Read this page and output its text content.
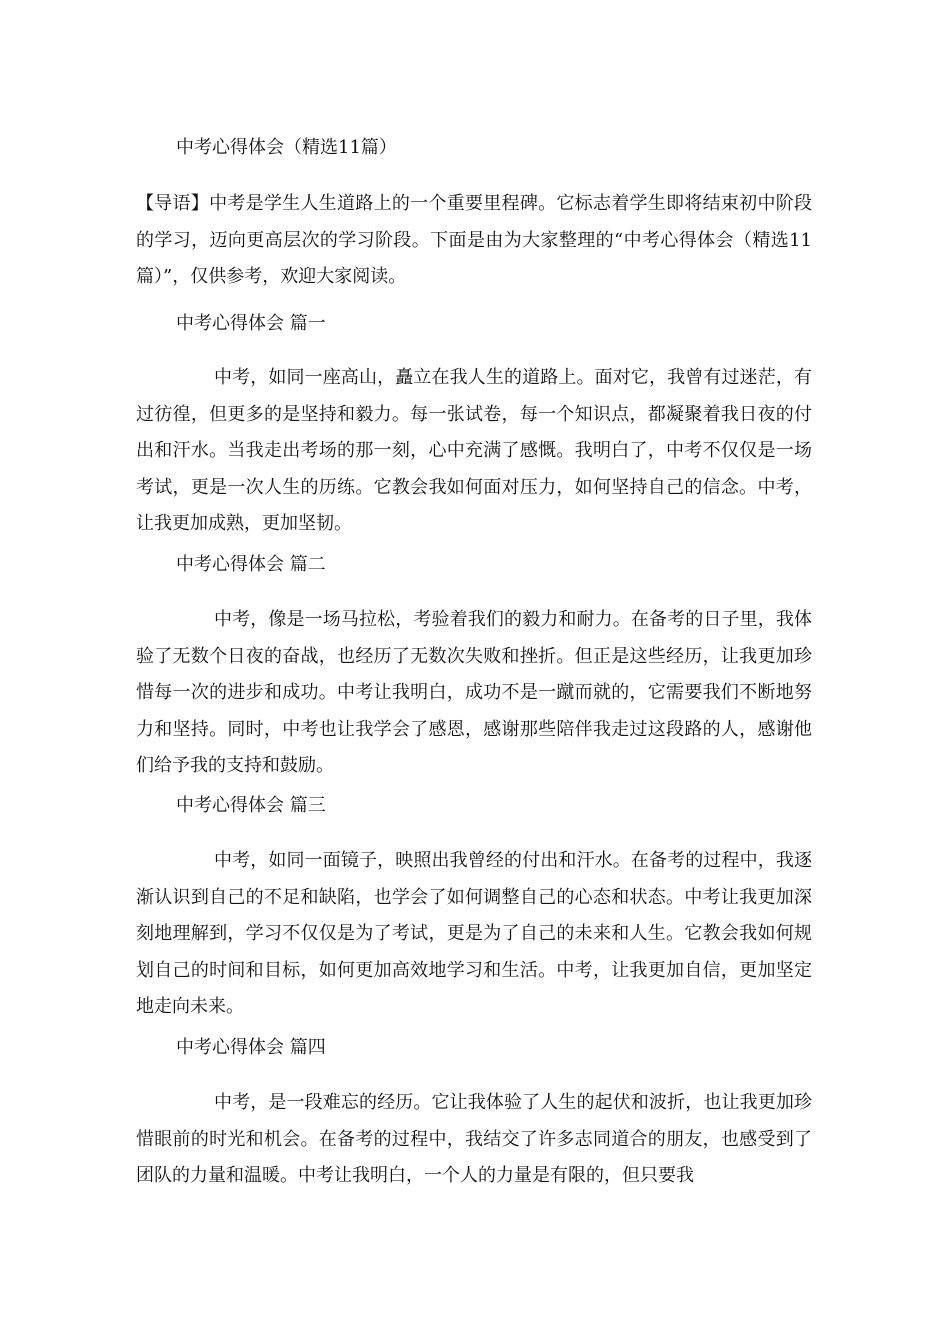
中考心得体会（精选11篇）

【导语】中考是学生人生道路上的一个重要里程碑。它标志着学生即将结束初中阶段的学习，迈向更高层次的学习阶段。下面是由为大家整理的“中考心得体会（精选11篇）”，仅供参考，欢迎大家阅读。

中考心得体会 篇一

中考，如同一座高山，矗立在我人生的道路上。面对它，我曾有过迷茫，有过彷徨，但更多的是坚持和毅力。每一张试卷，每一个知识点，都凝聚着我日夜的付出和汗水。当我走出考场的那一刻，心中充满了感慨。我明白了，中考不仅仅是一场考试，更是一次人生的历练。它教会我如何面对压力，如何坚持自己的信念。中考，让我更加成熟，更加坚韧。

中考心得体会 篇二

中考，像是一场马拉松，考验着我们的毅力和耐力。在备考的日子里，我体验了无数个日夜的奋战，也经历了无数次失败和挫折。但正是这些经历，让我更加珍惜每一次的进步和成功。中考让我明白，成功不是一蹴而就的，它需要我们不断地努力和坚持。同时，中考也让我学会了感恩，感谢那些陪伴我走过这段路的人，感谢他们给予我的支持和鼓励。

中考心得体会 篇三

中考，如同一面镜子，映照出我曾经的付出和汗水。在备考的过程中，我逐渐认识到自己的不足和缺陷，也学会了如何调整自己的心态和状态。中考让我更加深刻地理解到，学习不仅仅是为了考试，更是为了自己的未来和人生。它教会我如何规划自己的时间和目标，如何更加高效地学习和生活。中考，让我更加自信，更加坚定地走向未来。

中考心得体会 篇四

中考，是一段难忘的经历。它让我体验了人生的起伏和波折，也让我更加珍惜眼前的时光和机会。在备考的过程中，我结交了许多志同道合的朋友，也感受到了团队的力量和温暖。中考让我明白，一个人的力量是有限的，但只要我
